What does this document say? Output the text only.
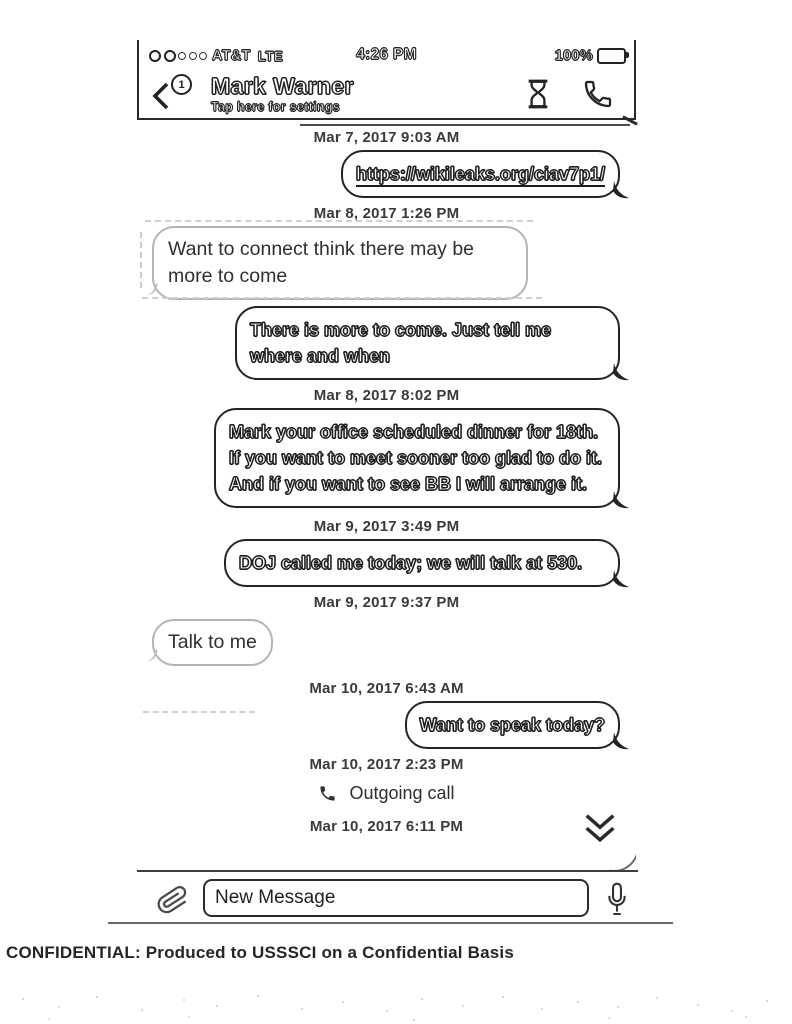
AT&T LTE	4:26 PM	100%
1	Mark Warner
Tap here for settings
Mar 7, 2017 9:03 AM
https://wikileaks.org/ciav7p1/
Mar 8, 2017 1:26 PM
Want to connect think there may be more to come
There is more to come. Just tell me where and when
Mar 8, 2017 8:02 PM
Mark your office scheduled dinner for 18th. If you want to meet sooner too glad to do it. And if you want to see BB I will arrange it.
Mar 9, 2017 3:49 PM
DOJ called me today; we will talk at 530.
Mar 9, 2017 9:37 PM
Talk to me
Mar 10, 2017 6:43 AM
Want to speak today?
Mar 10, 2017 2:23 PM
Outgoing call
Mar 10, 2017 6:11 PM
New Message
CONFIDENTIAL: Produced to USSSCI on a Confidential Basis
